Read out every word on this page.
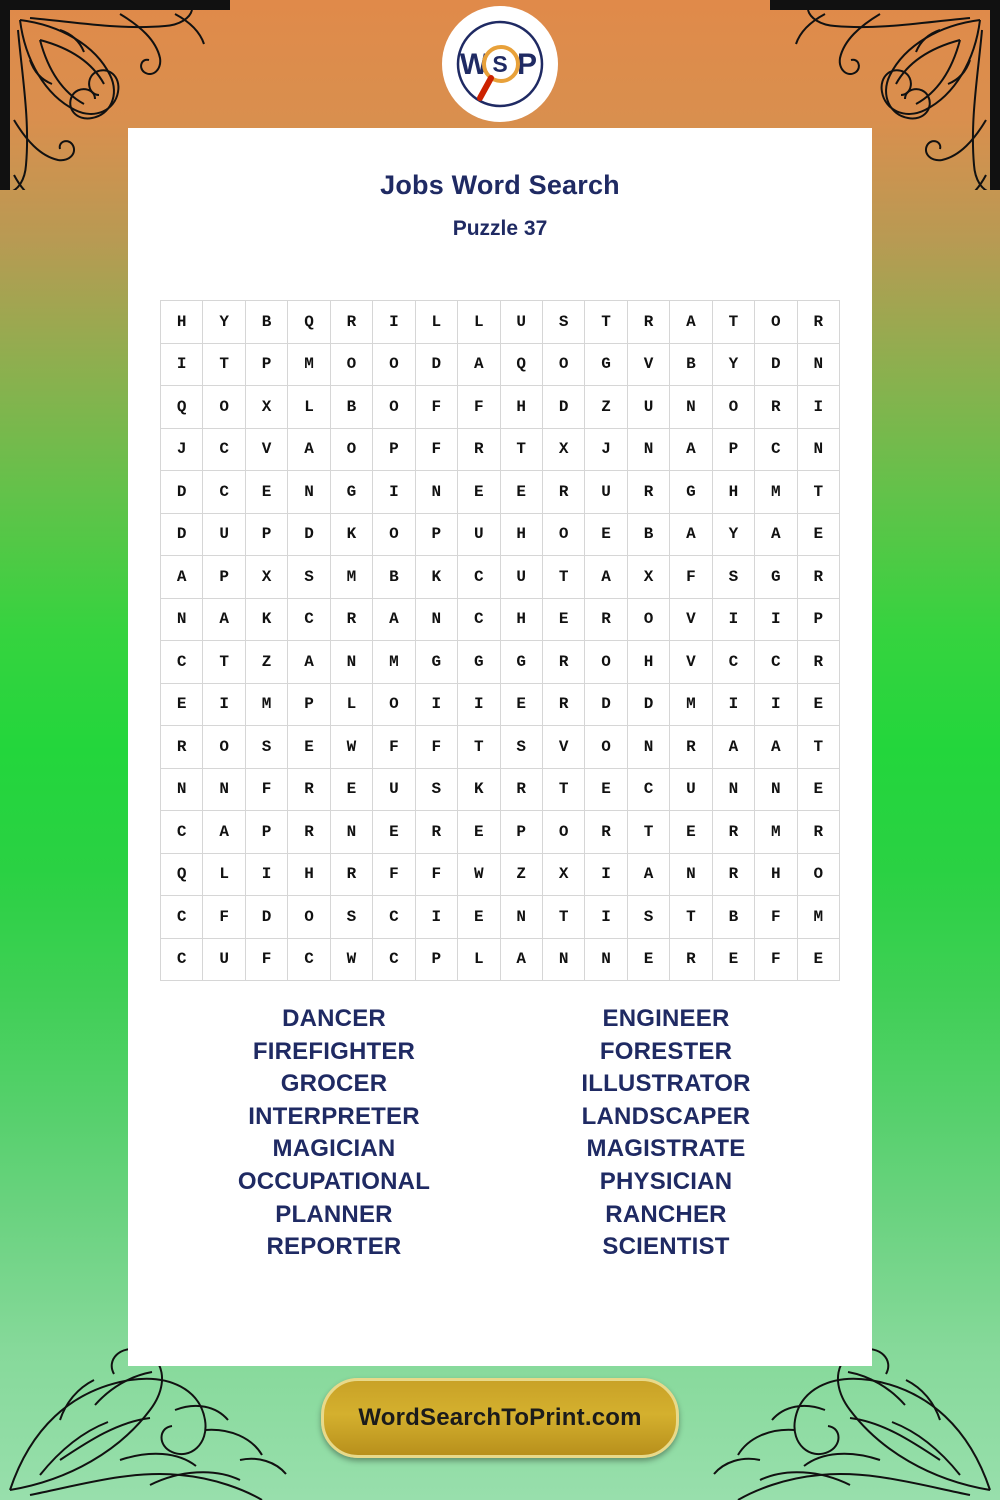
W S P
Jobs Word Search
Puzzle 37
H	Y	B	Q	R	I	L	L	U	S	T	R	A	T	O	R
I	T	P	M	O	O	D	A	Q	O	G	V	B	Y	D	N
Q	O	X	L	B	O	F	F	H	D	Z	U	N	O	R	I
J	C	V	A	O	P	F	R	T	X	J	N	A	P	C	N
D	C	E	N	G	I	N	E	E	R	U	R	G	H	M	T
D	U	P	D	K	O	P	U	H	O	E	B	A	Y	A	E
A	P	X	S	M	B	K	C	U	T	A	X	F	S	G	R
N	A	K	C	R	A	N	C	H	E	R	O	V	I	I	P
C	T	Z	A	N	M	G	G	G	R	O	H	V	C	C	R
E	I	M	P	L	O	I	I	E	R	D	D	M	I	I	E
R	O	S	E	W	F	F	T	S	V	O	N	R	A	A	T
N	N	F	R	E	U	S	K	R	T	E	C	U	N	N	E
C	A	P	R	N	E	R	E	P	O	R	T	E	R	M	R
Q	L	I	H	R	F	F	W	Z	X	I	A	N	R	H	O
C	F	D	O	S	C	I	E	N	T	I	S	T	B	F	M
C	U	F	C	W	C	P	L	A	N	N	E	R	E	F	E
DANCER
FIREFIGHTER
GROCER
INTERPRETER
MAGICIAN
OCCUPATIONAL
PLANNER
REPORTER
ENGINEER
FORESTER
ILLUSTRATOR
LANDSCAPER
MAGISTRATE
PHYSICIAN
RANCHER
SCIENTIST
WordSearchToPrint.com
